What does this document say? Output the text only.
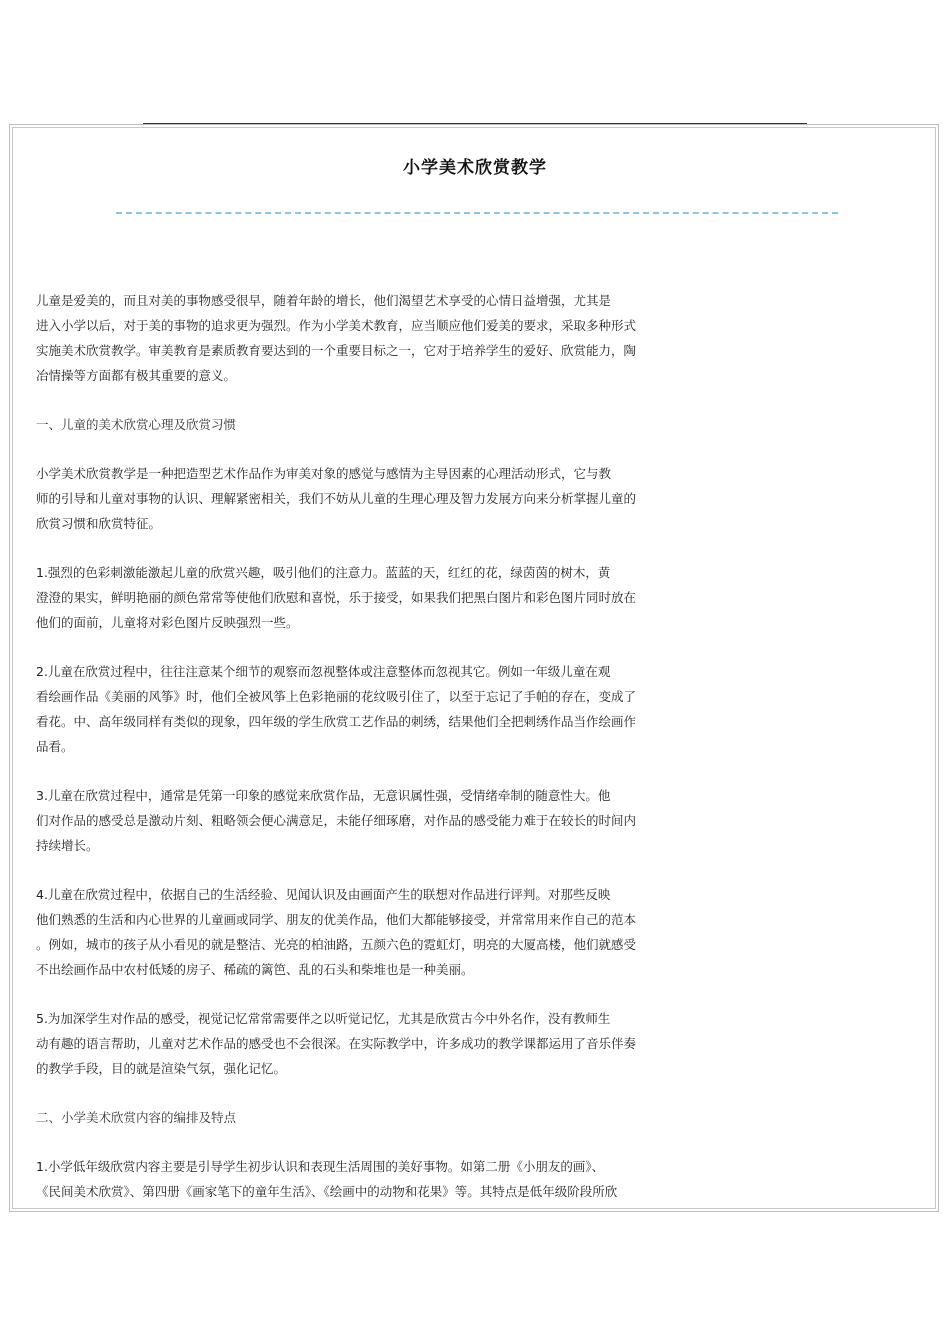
小学美术欣赏教学

儿童是爱美的，而且对美的事物感受很早，随着年龄的增长，他们渴望艺术享受的心情日益增强，尤其是
进入小学以后，对于美的事物的追求更为强烈。作为小学美术教育，应当顺应他们爱美的要求，采取多种形式
实施美术欣赏教学。审美教育是素质教育要达到的一个重要目标之一，它对于培养学生的爱好、欣赏能力，陶
冶情操等方面都有极其重要的意义。

一、儿童的美术欣赏心理及欣赏习惯

小学美术欣赏教学是一种把造型艺术作品作为审美对象的感觉与感情为主导因素的心理活动形式，它与教
师的引导和儿童对事物的认识、理解紧密相关，我们不妨从儿童的生理心理及智力发展方向来分析掌握儿童的
欣赏习惯和欣赏特征。

1.强烈的色彩刺激能激起儿童的欣赏兴趣，吸引他们的注意力。蓝蓝的天，红红的花，绿茵茵的树木，黄
澄澄的果实，鲜明艳丽的颜色常常等使他们欣慰和喜悦，乐于接受，如果我们把黑白图片和彩色图片同时放在
他们的面前，儿童将对彩色图片反映强烈一些。

2.儿童在欣赏过程中，往往注意某个细节的观察而忽视整体或注意整体而忽视其它。例如一年级儿童在观
看绘画作品《美丽的风筝》时，他们全被风筝上色彩艳丽的花纹吸引住了，以至于忘记了手帕的存在，变成了
看花。中、高年级同样有类似的现象，四年级的学生欣赏工艺作品的刺绣，结果他们全把刺绣作品当作绘画作
品看。

3.儿童在欣赏过程中，通常是凭第一印象的感觉来欣赏作品，无意识属性强，受情绪牵制的随意性大。他
们对作品的感受总是激动片刻、粗略领会便心满意足，未能仔细琢磨，对作品的感受能力难于在较长的时间内
持续增长。

4.儿童在欣赏过程中，依据自己的生活经验、见闻认识及由画面产生的联想对作品进行评判。对那些反映
他们熟悉的生活和内心世界的儿童画或同学、朋友的优美作品，他们大都能够接受，并常常用来作自己的范本
。例如，城市的孩子从小看见的就是整洁、光亮的柏油路，五颜六色的霓虹灯，明亮的大厦高楼，他们就感受
不出绘画作品中农村低矮的房子、稀疏的篱笆、乱的石头和柴堆也是一种美丽。

5.为加深学生对作品的感受，视觉记忆常常需要伴之以听觉记忆，尤其是欣赏古今中外名作，没有教师生
动有趣的语言帮助，儿童对艺术作品的感受也不会很深。在实际教学中，许多成功的教学课都运用了音乐伴奏
的教学手段，目的就是渲染气氛，强化记忆。

二、小学美术欣赏内容的编排及特点

1.小学低年级欣赏内容主要是引导学生初步认识和表现生活周围的美好事物。如第二册《小朋友的画》、
《民间美术欣赏》、第四册《画家笔下的童年生活》、《绘画中的动物和花果》等。其特点是低年级阶段所欣
